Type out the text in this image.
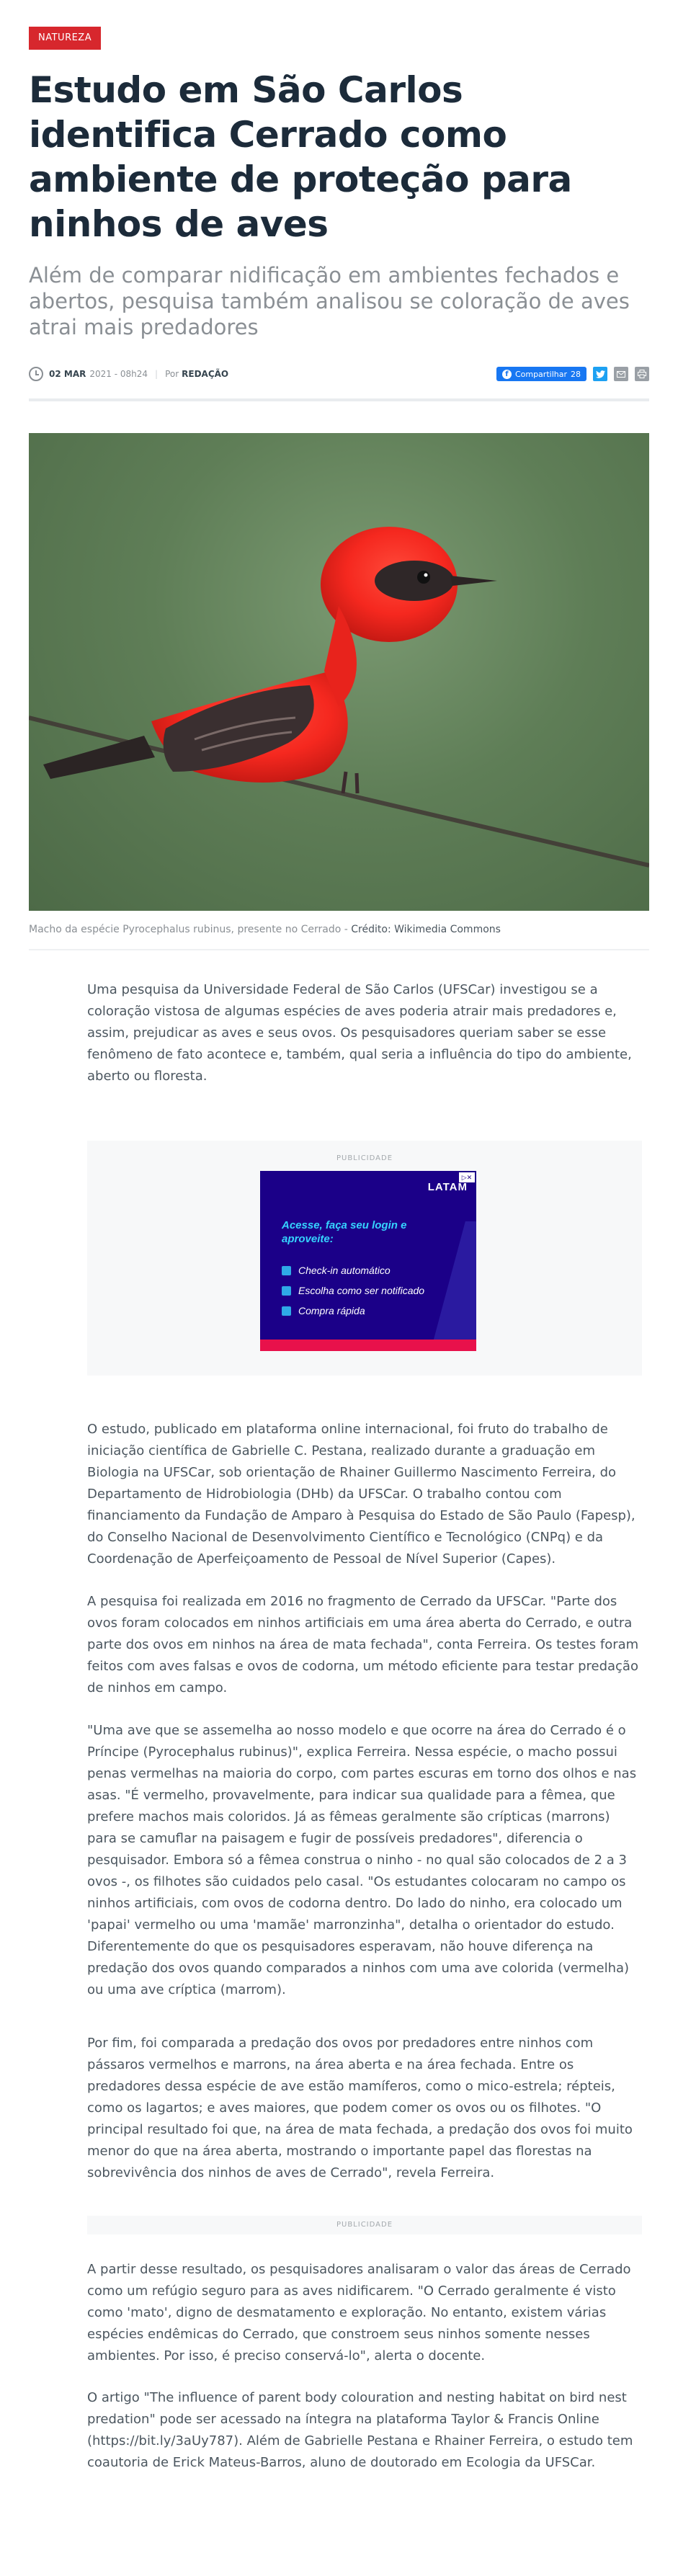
NATUREZA
Estudo em São Carlos identifica Cerrado como ambiente de proteção para ninhos de aves

Além de comparar nidificação em ambientes fechados e abertos, pesquisa também analisou se coloração de aves atrai mais predadores

02 MAR 2021 - 08h24 | Por REDAÇÃO	f Compartilhar 28

Macho da espécie Pyrocephalus rubinus, presente no Cerrado - Crédito: Wikimedia Commons

Uma pesquisa da Universidade Federal de São Carlos (UFSCar) investigou se a coloração vistosa de algumas espécies de aves poderia atrair mais predadores e, assim, prejudicar as aves e seus ovos. Os pesquisadores queriam saber se esse fenômeno de fato acontece e, também, qual seria a influência do tipo do ambiente, aberto ou floresta.

PUBLICIDADE
▷✕
LATAM

Acesse, faça seu login e aproveite:

Check-in automático
Escolha como ser notificado
Compra rápida

O estudo, publicado em plataforma online internacional, foi fruto do trabalho de iniciação científica de Gabrielle C. Pestana, realizado durante a graduação em Biologia na UFSCar, sob orientação de Rhainer Guillermo Nascimento Ferreira, do Departamento de Hidrobiologia (DHb) da UFSCar. O trabalho contou com financiamento da Fundação de Amparo à Pesquisa do Estado de São Paulo (Fapesp), do Conselho Nacional de Desenvolvimento Científico e Tecnológico (CNPq) e da Coordenação de Aperfeiçoamento de Pessoal de Nível Superior (Capes).

A pesquisa foi realizada em 2016 no fragmento de Cerrado da UFSCar. "Parte dos ovos foram colocados em ninhos artificiais em uma área aberta do Cerrado, e outra parte dos ovos em ninhos na área de mata fechada", conta Ferreira. Os testes foram feitos com aves falsas e ovos de codorna, um método eficiente para testar predação de ninhos em campo.

"Uma ave que se assemelha ao nosso modelo e que ocorre na área do Cerrado é o Príncipe (Pyrocephalus rubinus)", explica Ferreira. Nessa espécie, o macho possui penas vermelhas na maioria do corpo, com partes escuras em torno dos olhos e nas asas. "É vermelho, provavelmente, para indicar sua qualidade para a fêmea, que prefere machos mais coloridos. Já as fêmeas geralmente são crípticas (marrons) para se camuflar na paisagem e fugir de possíveis predadores", diferencia o pesquisador. Embora só a fêmea construa o ninho - no qual são colocados de 2 a 3 ovos -, os filhotes são cuidados pelo casal. "Os estudantes colocaram no campo os ninhos artificiais, com ovos de codorna dentro. Do lado do ninho, era colocado um 'papai' vermelho ou uma 'mamãe' marronzinha", detalha o orientador do estudo. Diferentemente do que os pesquisadores esperavam, não houve diferença na predação dos ovos quando comparados a ninhos com uma ave colorida (vermelha) ou uma ave críptica (marrom).

Por fim, foi comparada a predação dos ovos por predadores entre ninhos com pássaros vermelhos e marrons, na área aberta e na área fechada. Entre os predadores dessa espécie de ave estão mamíferos, como o mico-estrela; répteis, como os lagartos; e aves maiores, que podem comer os ovos ou os filhotes. "O principal resultado foi que, na área de mata fechada, a predação dos ovos foi muito menor do que na área aberta, mostrando o importante papel das florestas na sobrevivência dos ninhos de aves de Cerrado", revela Ferreira.

PUBLICIDADE

A partir desse resultado, os pesquisadores analisaram o valor das áreas de Cerrado como um refúgio seguro para as aves nidificarem. "O Cerrado geralmente é visto como 'mato', digno de desmatamento e exploração. No entanto, existem várias espécies endêmicas do Cerrado, que constroem seus ninhos somente nesses ambientes. Por isso, é preciso conservá-lo", alerta o docente.

O artigo "The influence of parent body colouration and nesting habitat on bird nest predation" pode ser acessado na íntegra na plataforma Taylor & Francis Online (https://bit.ly/3aUy787). Além de Gabrielle Pestana e Rhainer Ferreira, o estudo tem coautoria de Erick Mateus-Barros, aluno de doutorado em Ecologia da UFSCar.
